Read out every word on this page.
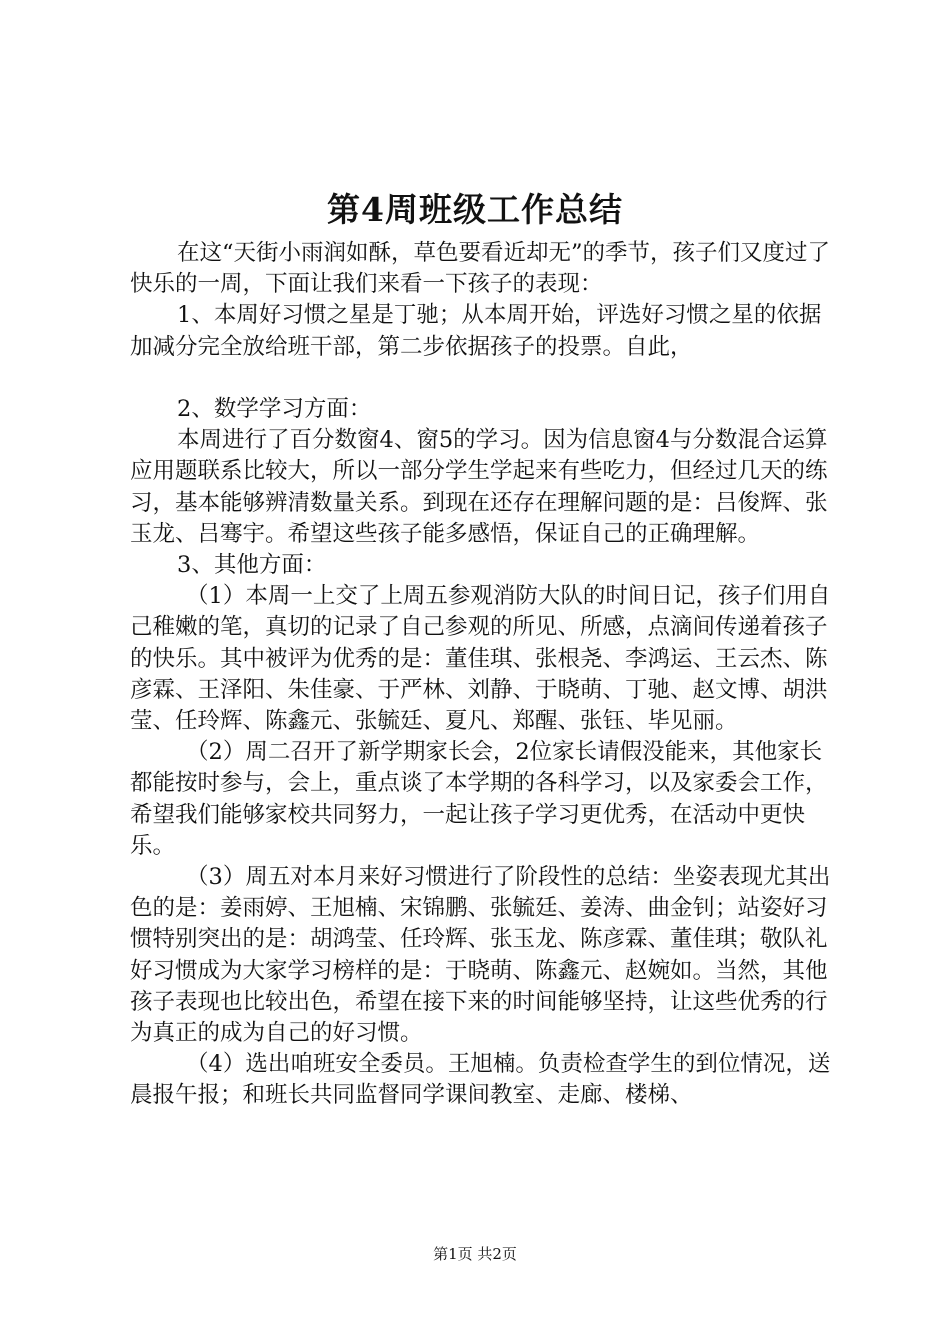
第4周班级工作总结

在这“天街小雨润如酥，草色要看近却无”的季节，孩子们又度过了快乐的一周，下面让我们来看一下孩子的表现：

1、本周好习惯之星是丁驰；从本周开始，评选好习惯之星的依据加减分完全放给班干部，第二步依据孩子的投票。自此，

2、数学学习方面：

本周进行了百分数窗4、窗5的学习。因为信息窗4与分数混合运算应用题联系比较大，所以一部分学生学起来有些吃力，但经过几天的练习，基本能够辨清数量关系。到现在还存在理解问题的是：吕俊辉、张玉龙、吕骞宇。希望这些孩子能多感悟，保证自己的正确理解。

3、其他方面：

（1）本周一上交了上周五参观消防大队的时间日记，孩子们用自己稚嫩的笔，真切的记录了自己参观的所见、所感，点滴间传递着孩子的快乐。其中被评为优秀的是：董佳琪、张根尧、李鸿运、王云杰、陈彦霖、王泽阳、朱佳豪、于严林、刘静、于晓萌、丁驰、赵文博、胡洪莹、任玲辉、陈鑫元、张毓廷、夏凡、郑醒、张钰、毕见丽。

（2）周二召开了新学期家长会，2位家长请假没能来，其他家长都能按时参与，会上，重点谈了本学期的各科学习，以及家委会工作，希望我们能够家校共同努力，一起让孩子学习更优秀，在活动中更快乐。

（3）周五对本月来好习惯进行了阶段性的总结：坐姿表现尤其出色的是：姜雨婷、王旭楠、宋锦鹏、张毓廷、姜涛、曲金钊；站姿好习惯特别突出的是：胡鸿莹、任玲辉、张玉龙、陈彦霖、董佳琪；敬队礼好习惯成为大家学习榜样的是：于晓萌、陈鑫元、赵婉如。当然，其他孩子表现也比较出色，希望在接下来的时间能够坚持，让这些优秀的行为真正的成为自己的好习惯。

（4）选出咱班安全委员。王旭楠。负责检查学生的到位情况，送晨报午报；和班长共同监督同学课间教室、走廊、楼梯、

第1页 共2页
